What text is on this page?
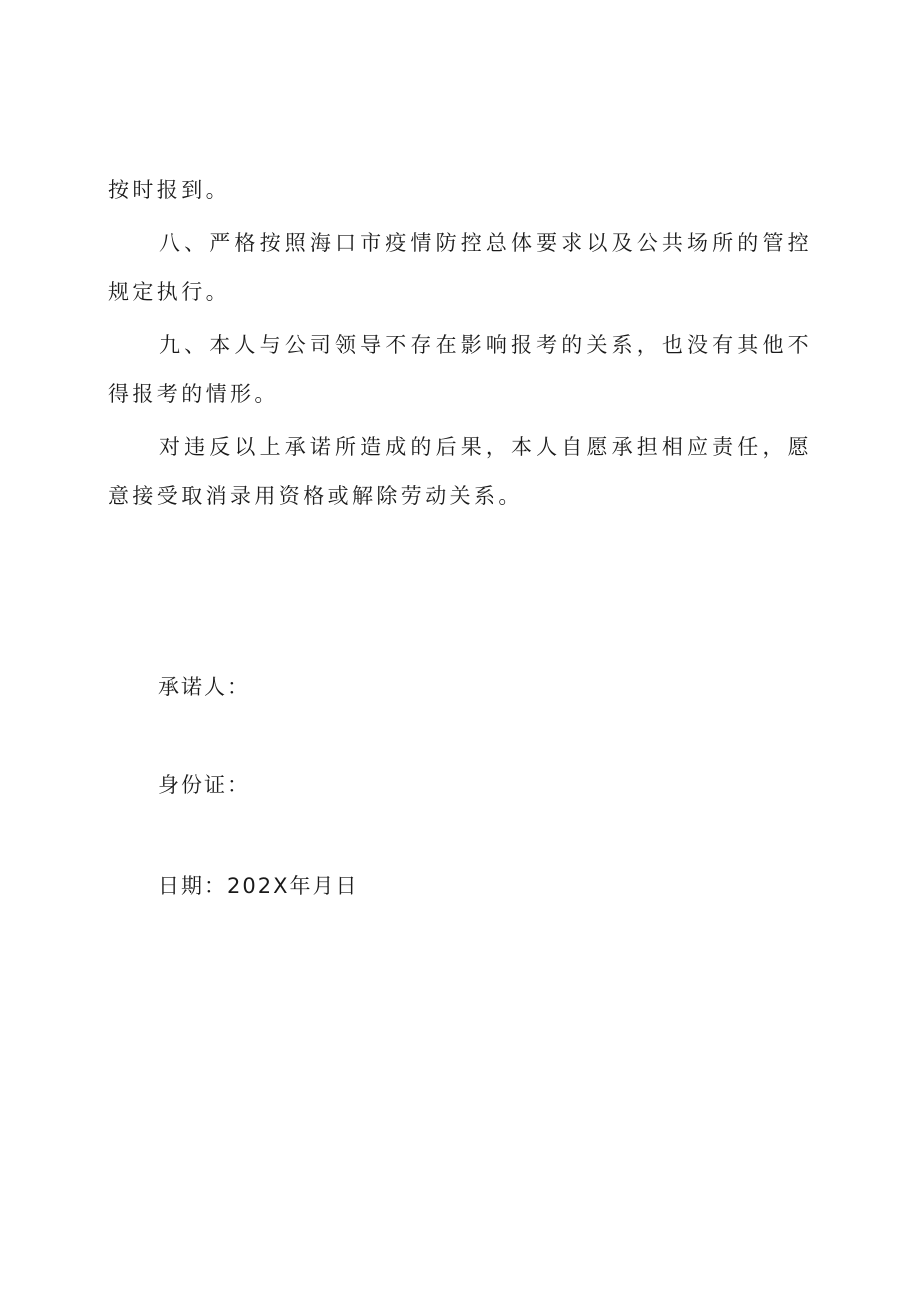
按时报到。

八、严格按照海口市疫情防控总体要求以及公共场所的管控规定执行。

九、本人与公司领导不存在影响报考的关系，也没有其他不得报考的情形。

对违反以上承诺所造成的后果，本人自愿承担相应责任，愿意接受取消录用资格或解除劳动关系。

承诺人：

身份证：

日期：202X年月日
